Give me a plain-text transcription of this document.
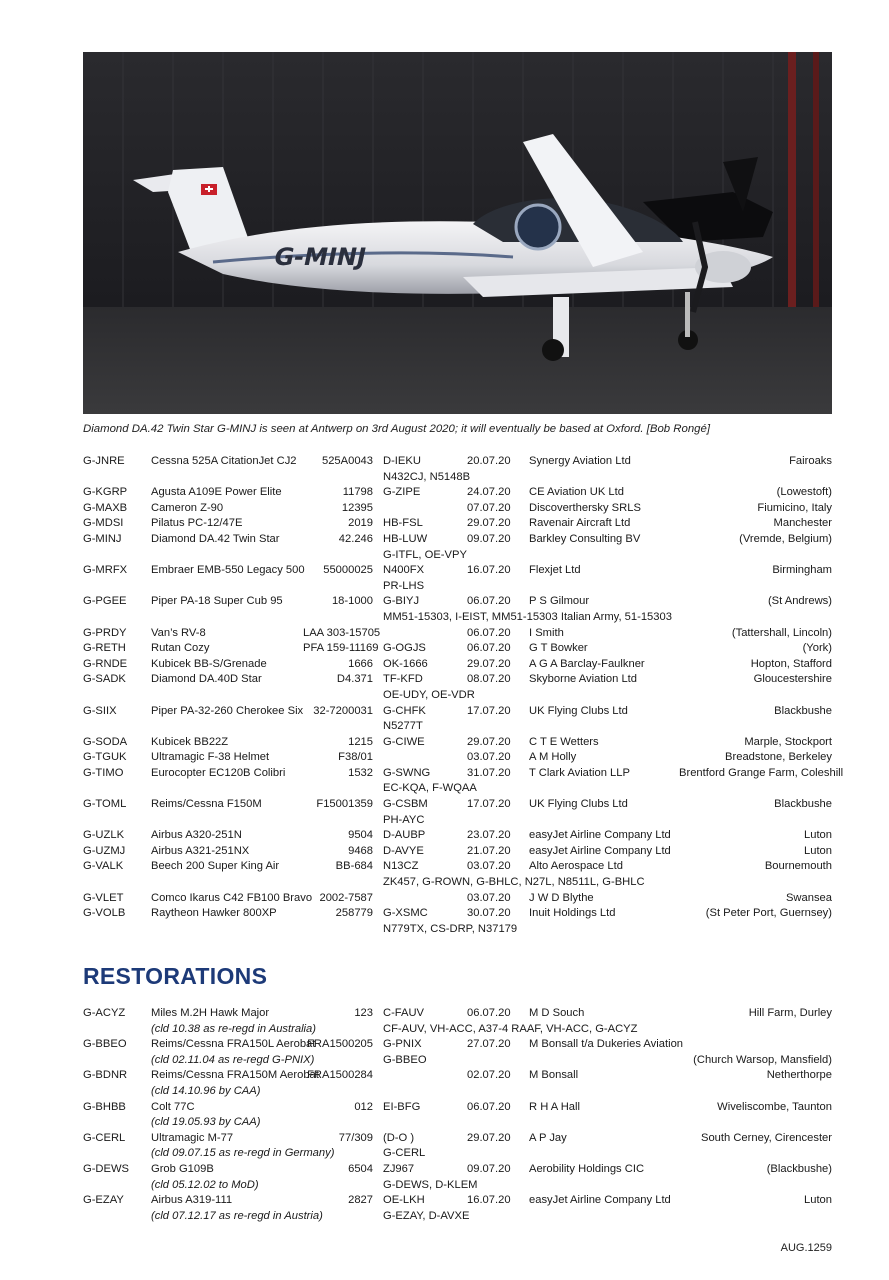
G-MINJ
Diamond DA.42 Twin Star G-MINJ is seen at Antwerp on 3rd August 2020; it will eventually be based at Oxford. [Bob Rongé]
G-JNRE	Cessna 525A CitationJet CJ2	525A0043	D-IEKU	20.07.20	Synergy Aviation Ltd	Fairoaks
			N432CJ, N5148B			
G-KGRP	Agusta A109E Power Elite	11798	G-ZIPE	24.07.20	CE Aviation UK Ltd	(Lowestoft)
G-MAXB	Cameron Z-90	12395		07.07.20	Discoverthersky SRLS	Fiumicino, Italy
G-MDSI	Pilatus PC-12/47E	2019	HB-FSL	29.07.20	Ravenair Aircraft Ltd	Manchester
G-MINJ	Diamond DA.42 Twin Star	42.246	HB-LUW	09.07.20	Barkley Consulting BV	(Vremde, Belgium)
			G-ITFL, OE-VPY			
G-MRFX	Embraer EMB-550 Legacy 500	55000025	N400FX	16.07.20	Flexjet Ltd	Birmingham
			PR-LHS			
G-PGEE	Piper PA-18 Super Cub 95	18-1000	G-BIYJ	06.07.20	P S Gilmour	(St Andrews)
			MM51-15303, I-EIST, MM51-15303 Italian Army, 51-15303			
G-PRDY	Van’s RV-8	LAA 303-15705		06.07.20	I Smith	(Tattershall, Lincoln)
G-RETH	Rutan Cozy	PFA 159-11169	G-OGJS	06.07.20	G T Bowker	(York)
G-RNDE	Kubicek BB-S/Grenade	1666	OK-1666	29.07.20	A G A Barclay-Faulkner	Hopton, Stafford
G-SADK	Diamond DA.40D Star	D4.371	TF-KFD	08.07.20	Skyborne Aviation Ltd	Gloucestershire
			OE-UDY, OE-VDR			
G-SIIX	Piper PA-32-260 Cherokee Six	32-7200031	G-CHFK	17.07.20	UK Flying Clubs Ltd	Blackbushe
			N5277T			
G-SODA	Kubicek BB22Z	1215	G-CIWE	29.07.20	C T E Wetters	Marple, Stockport
G-TGUK	Ultramagic F-38 Helmet	F38/01		03.07.20	A M Holly	Breadstone, Berkeley
G-TIMO	Eurocopter EC120B Colibri	1532	G-SWNG	31.07.20	T Clark Aviation LLP	Brentford Grange Farm, Coleshill
			EC-KQA, F-WQAA			
G-TOML	Reims/Cessna F150M	F15001359	G-CSBM	17.07.20	UK Flying Clubs Ltd	Blackbushe
			PH-AYC			
G-UZLK	Airbus A320-251N	9504	D-AUBP	23.07.20	easyJet Airline Company Ltd	Luton
G-UZMJ	Airbus A321-251NX	9468	D-AVYE	21.07.20	easyJet Airline Company Ltd	Luton
G-VALK	Beech 200 Super King Air	BB-684	N13CZ	03.07.20	Alto Aerospace Ltd	Bournemouth
			ZK457, G-ROWN, G-BHLC, N27L, N8511L, G-BHLC			
G-VLET	Comco Ikarus C42 FB100 Bravo	2002-7587		03.07.20	J W D Blythe	Swansea
G-VOLB	Raytheon Hawker 800XP	258779	G-XSMC	30.07.20	Inuit Holdings Ltd	(St Peter Port, Guernsey)
			N779TX, CS-DRP, N37179			
RESTORATIONS
G-ACYZ	Miles M.2H Hawk Major	123	C-FAUV	06.07.20	M D Souch	Hill Farm, Durley
	(cld 10.38 as re-regd in Australia)		CF-AUV, VH-ACC, A37-4 RAAF, VH-ACC, G-ACYZ			
G-BBEO	Reims/Cessna FRA150L Aerobat	FRA1500205	G-PNIX	27.07.20	M Bonsall t/a Dukeries Aviation	
	(cld 02.11.04 as re-regd G-PNIX)		G-BBEO			(Church Warsop, Mansfield)
G-BDNR	Reims/Cessna FRA150M Aerobat	FRA1500284		02.07.20	M Bonsall	Netherthorpe
	(cld 14.10.96 by CAA)					
G-BHBB	Colt 77C	012	EI-BFG	06.07.20	R H A Hall	Wiveliscombe, Taunton
	(cld 19.05.93 by CAA)					
G-CERL	Ultramagic M-77	77/309	(D-O )	29.07.20	A P Jay	South Cerney, Cirencester
	(cld 09.07.15 as re-regd in Germany)		G-CERL			
G-DEWS	Grob G109B	6504	ZJ967	09.07.20	Aerobility Holdings CIC	(Blackbushe)
	(cld 05.12.02 to MoD)		G-DEWS, D-KLEM			
G-EZAY	Airbus A319-111	2827	OE-LKH	16.07.20	easyJet Airline Company Ltd	Luton
	(cld 07.12.17 as re-regd in Austria)		G-EZAY, D-AVXE			
AUG.1259
